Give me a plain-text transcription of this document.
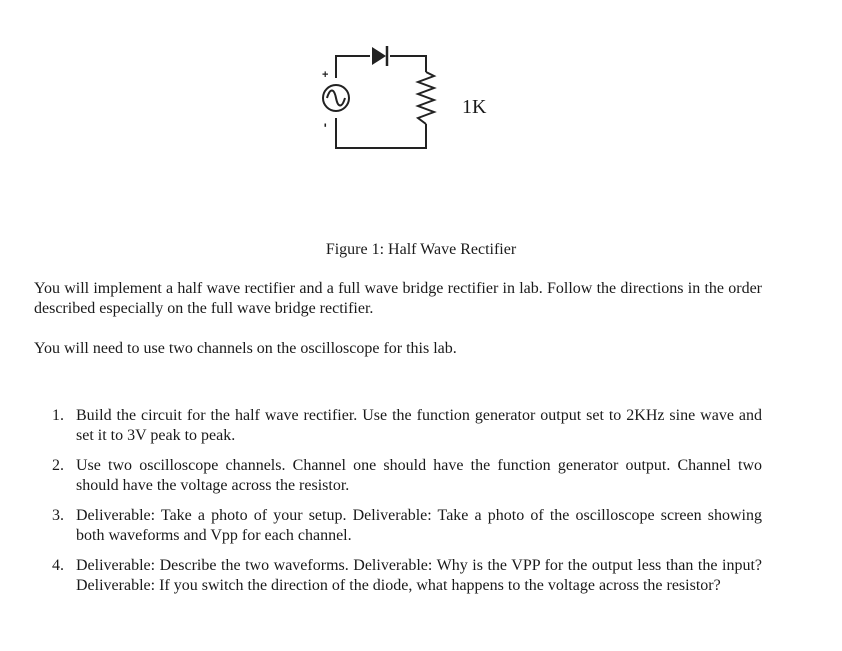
+
-
1K
Figure 1: Half Wave Rectifier
You will implement a half wave rectifier and a full wave bridge rectifier in lab. Follow the directions in the order described especially on the full wave bridge rectifier.
You will need to use two channels on the oscilloscope for this lab.
1. Build the circuit for the half wave rectifier. Use the function generator output set to 2KHz sine wave and set it to 3V peak to peak.
2. Use two oscilloscope channels. Channel one should have the function generator output. Channel two should have the voltage across the resistor.
3. Deliverable: Take a photo of your setup. Deliverable: Take a photo of the oscilloscope screen showing both waveforms and Vpp for each channel.
4. Deliverable: Describe the two waveforms. Deliverable: Why is the VPP for the output less than the input? Deliverable: If you switch the direction of the diode, what happens to the voltage across the resistor?
